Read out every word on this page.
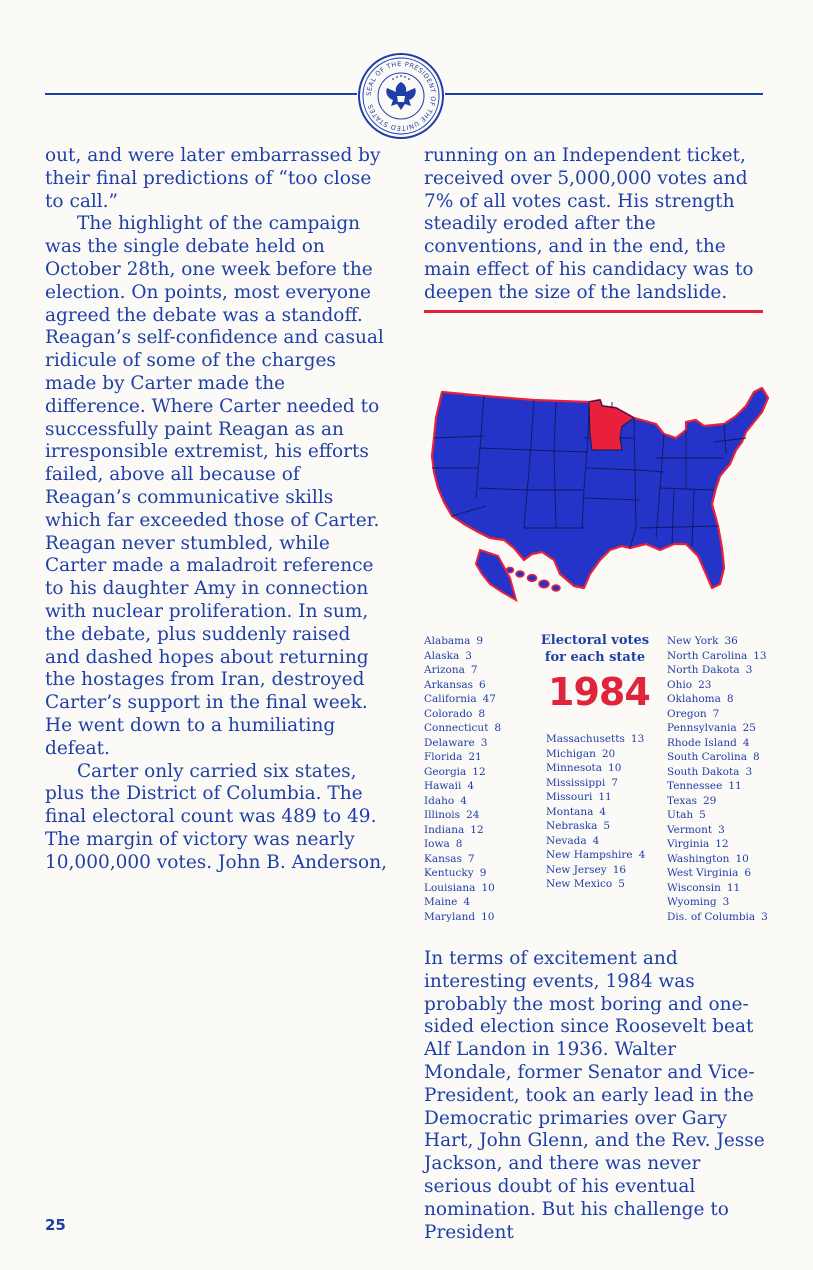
SEAL OF THE PRESIDENT OF THE UNITED STATES

out, and were later embarrassed by their final predictions of “too close to call.”

The highlight of the campaign was the single debate held on October 28th, one week before the election. On points, most everyone agreed the debate was a standoff. Reagan’s self-confidence and casual ridicule of some of the charges made by Carter made the difference. Where Carter needed to successfully paint Reagan as an irresponsible extremist, his efforts failed, above all because of Reagan’s communicative skills which far exceeded those of Carter. Reagan never stumbled, while Carter made a maladroit reference to his daughter Amy in connection with nuclear proliferation. In sum, the debate, plus suddenly raised and dashed hopes about returning the hostages from Iran, destroyed Carter’s support in the final week. He went down to a humiliating defeat.

Carter only carried six states, plus the District of Columbia. The final electoral count was 489 to 49. The margin of victory was nearly 10,000,000 votes. John B. Anderson,

running on an Independent ticket, received over 5,000,000 votes and 7% of all votes cast. His strength steadily eroded after the conventions, and in the end, the main effect of his candidacy was to deepen the size of the landslide.

Alabama 9
Alaska 3
Arizona 7
Arkansas 6
California 47
Colorado 8
Connecticut 8
Delaware 3
Florida 21
Georgia 12
Hawaii 4
Idaho 4
Illinois 24
Indiana 12
Iowa 8
Kansas 7
Kentucky 9
Louisiana 10
Maine 4
Maryland 10
Electoral votes for each state
1984
Massachusetts 13
Michigan 20
Minnesota 10
Mississippi 7
Missouri 11
Montana 4
Nebraska 5
Nevada 4
New Hampshire 4
New Jersey 16
New Mexico 5
New York 36
North Carolina 13
North Dakota 3
Ohio 23
Oklahoma 8
Oregon 7
Pennsylvania 25
Rhode Island 4
South Carolina 8
South Dakota 3
Tennessee 11
Texas 29
Utah 5
Vermont 3
Virginia 12
Washington 10
West Virginia 6
Wisconsin 11
Wyoming 3
Dis. of Columbia 3

In terms of excitement and interesting events, 1984 was probably the most boring and one-sided election since Roosevelt beat Alf Landon in 1936. Walter Mondale, former Senator and Vice-President, took an early lead in the Democratic primaries over Gary Hart, John Glenn, and the Rev. Jesse Jackson, and there was never serious doubt of his eventual nomination. But his challenge to President

25
